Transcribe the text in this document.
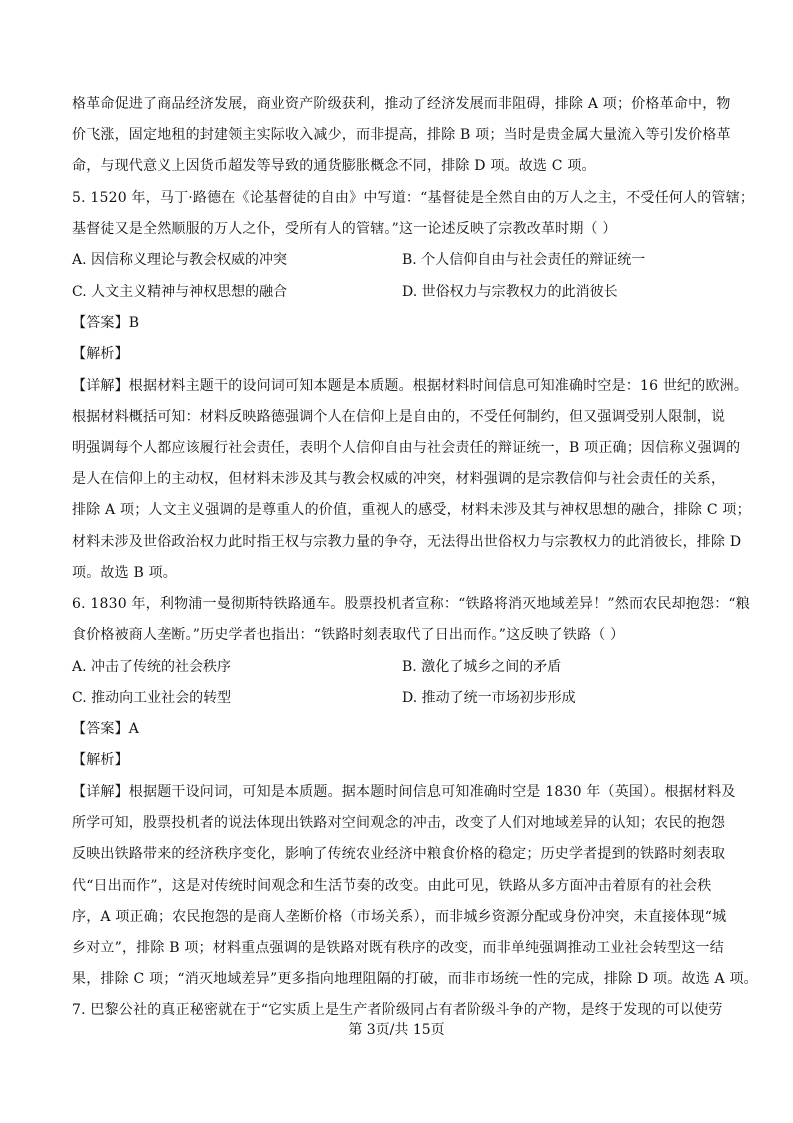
格革命促进了商品经济发展，商业资产阶级获利，推动了经济发展而非阻碍，排除 A 项；价格革命中，物
价飞涨，固定地租的封建领主实际收入减少，而非提高，排除 B 项；当时是贵金属大量流入等引发价格革
命，与现代意义上因货币超发等导致的通货膨胀概念不同，排除 D 项。故选 C 项。
5. 1520 年，马丁·路德在《论基督徒的自由》中写道：“基督徒是全然自由的万人之主，不受任何人的管辖；
基督徒又是全然顺服的万人之仆，受所有人的管辖。”这一论述反映了宗教改革时期（ ）
A. 因信称义理论与教会权威的冲突	B. 个人信仰自由与社会责任的辩证统一
C. 人文主义精神与神权思想的融合	D. 世俗权力与宗教权力的此消彼长
【答案】B
【解析】
【详解】根据材料主题干的设问词可知本题是本质题。根据材料时间信息可知准确时空是：16 世纪的欧洲。
根据材料概括可知：材料反映路德强调个人在信仰上是自由的，不受任何制约，但又强调受别人限制，说
明强调每个人都应该履行社会责任，表明个人信仰自由与社会责任的辩证统一，B 项正确；因信称义强调的
是人在信仰上的主动权，但材料未涉及其与教会权威的冲突，材料强调的是宗教信仰与社会责任的关系，
排除 A 项；人文主义强调的是尊重人的价值，重视人的感受，材料未涉及其与神权思想的融合，排除 C 项；
材料未涉及世俗政治权力此时指王权与宗教力量的争夺，无法得出世俗权力与宗教权力的此消彼长，排除 D
项。故选 B 项。
6. 1830 年，利物浦一曼彻斯特铁路通车。股票投机者宣称：“铁路将消灭地域差异！”然而农民却抱怨：“粮
食价格被商人垄断。”历史学者也指出：“铁路时刻表取代了日出而作。”这反映了铁路（ ）
A. 冲击了传统的社会秩序	B. 激化了城乡之间的矛盾
C. 推动向工业社会的转型	D. 推动了统一市场初步形成
【答案】A
【解析】
【详解】根据题干设问词，可知是本质题。据本题时间信息可知准确时空是 1830 年（英国）。根据材料及
所学可知，股票投机者的说法体现出铁路对空间观念的冲击，改变了人们对地域差异的认知；农民的抱怨
反映出铁路带来的经济秩序变化，影响了传统农业经济中粮食价格的稳定；历史学者提到的铁路时刻表取
代“日出而作”，这是对传统时间观念和生活节奏的改变。由此可见，铁路从多方面冲击着原有的社会秩
序，A 项正确；农民抱怨的是商人垄断价格（市场关系），而非城乡资源分配或身份冲突，未直接体现“城
乡对立”，排除 B 项；材料重点强调的是铁路对既有秩序的改变，而非单纯强调推动工业社会转型这一结
果，排除 C 项；“消灭地域差异”更多指向地理阻隔的打破，而非市场统一性的完成，排除 D 项。故选 A 项。
7. 巴黎公社的真正秘密就在于“它实质上是生产者阶级同占有者阶级斗争的产物，是终于发现的可以使劳
第 3页/共 15页
